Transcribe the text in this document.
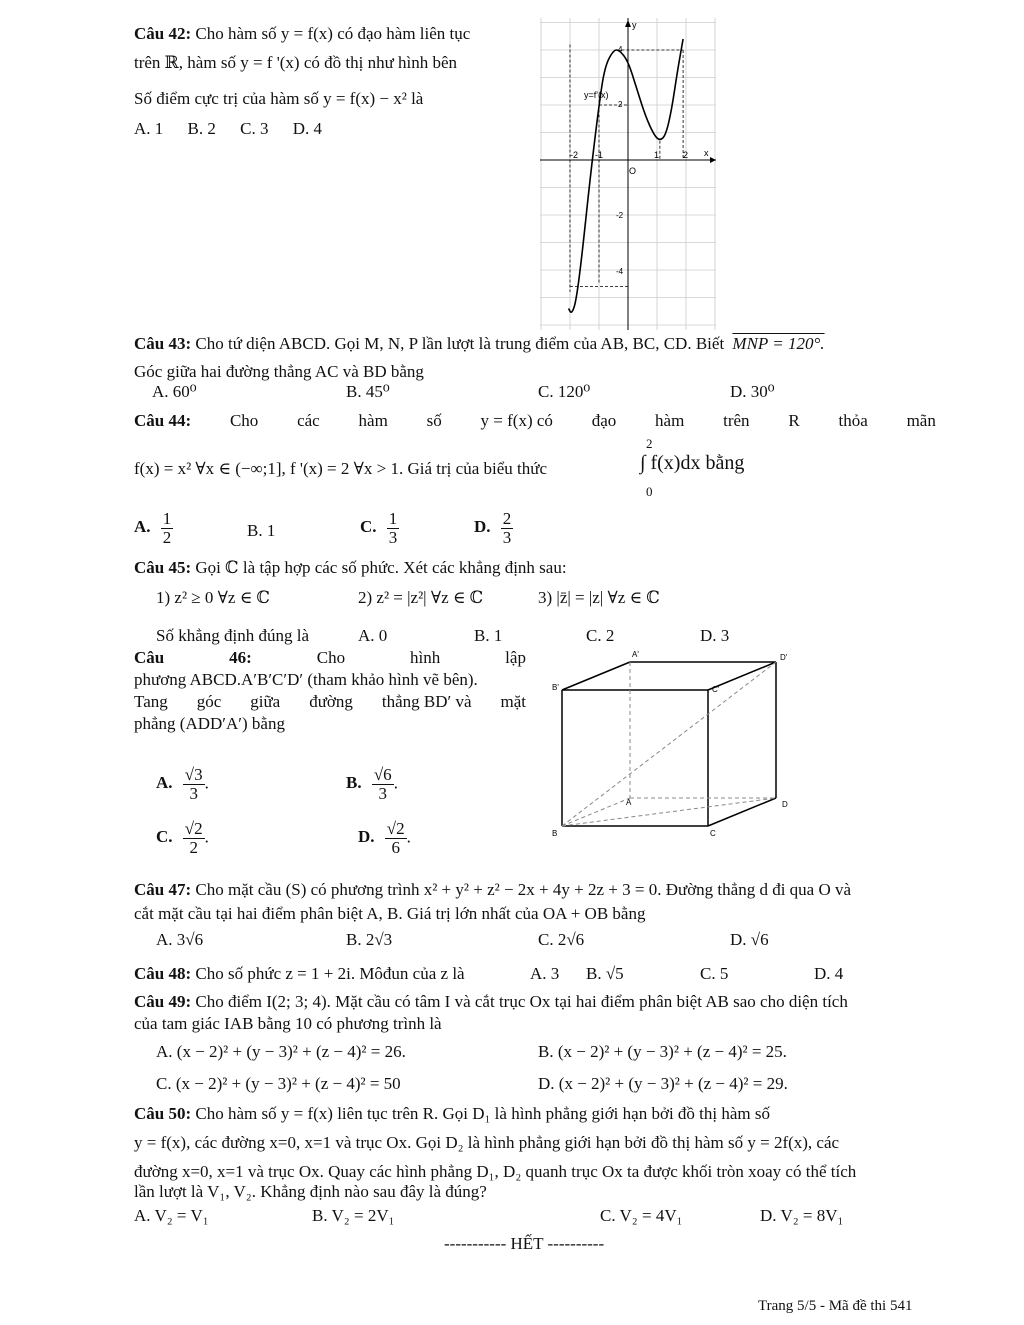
Câu 42: Cho hàm số y = f(x) có đạo hàm liên tục
trên ℝ, hàm số y = f '(x) có đồ thị như hình bên
Số điểm cực trị của hàm số y = f(x) − x² là
A. 1 B. 2 C. 3 D. 4
y
x
O
y=f'(x)
-2 -1	1	2
4
2
-2
-4
Câu 43: Cho tứ diện ABCD. Gọi M, N, P lần lượt là trung điểm của AB, BC, CD. Biết MNP = 120°.
Góc giữa hai đường thẳng AC và BD bằng
A. 60⁰	B. 45⁰	C. 120⁰	D. 30⁰
Câu 44: Cho các hàm số y = f(x) có đạo hàm trên R thỏa mãn
f(x) = x² ∀x ∈ (−∞;1], f '(x) = 2 ∀x > 1. Giá trị của biểu thức
2
∫ f(x)dx bằng
0
A. $\frac{1}{2}$	B. 1	C. $\frac{1}{3}$	D. $\frac{2}{3}$
Câu 45: Gọi ℂ là tập hợp các số phức. Xét các khẳng định sau:
1) z² ≥ 0 ∀z ∈ ℂ	2) z² = |z²| ∀z ∈ ℂ	3) |z̄| = |z| ∀z ∈ ℂ
Số khẳng định đúng là	A. 0	B. 1	C. 2	D. 3
Câu	46:	Cho	hình	lập
phương ABCD.A′B′C′D′ (tham khảo hình vẽ bên).
Tang góc giữa đường thẳng BD′ và mặt
phẳng (ADD′A′) bằng
A. $\frac{√3}{3}$ .	B. $\frac{√6}{3}$ .
C. $\frac{√2}{2}$ .	D. $\frac{√2}{6}$ .
A'	D'
B'	C'
A	D
B	C
Câu 47: Cho mặt cầu (S) có phương trình x² + y² + z² − 2x + 4y + 2z + 3 = 0. Đường thẳng d đi qua O và
cắt mặt cầu tại hai điểm phân biệt A, B. Giá trị lớn nhất của OA + OB bằng
A. 3√6	B. 2√3	C. 2√6	D. √6
Câu 48: Cho số phức z = 1 + 2i. Môđun của z là	A. 3 B. √5	C. 5	D. 4
Câu 49: Cho điểm I(2; 3; 4). Mặt cầu có tâm I và cắt trục Ox tại hai điểm phân biệt AB sao cho diện tích
của tam giác IAB bằng 10 có phương trình là
A. (x − 2)² + (y − 3)² + (z − 4)² = 26.	B. (x − 2)² + (y − 3)² + (z − 4)² = 25.
C. (x − 2)² + (y − 3)² + (z − 4)² = 50	D. (x − 2)² + (y − 3)² + (z − 4)² = 29.
Câu 50: Cho hàm số y = f(x) liên tục trên R. Gọi D₁ là hình phẳng giới hạn bởi đồ thị hàm số
y = f(x), các đường x=0, x=1 và trục Ox. Gọi D₂ là hình phẳng giới hạn bởi đồ thị hàm số y = 2f(x), các
đường x=0, x=1 và trục Ox. Quay các hình phẳng D₁, D₂ quanh trục Ox ta được khối tròn xoay có thể tích
lần lượt là V₁, V₂. Khẳng định nào sau đây là đúng?
A. V₂ = V₁	B. V₂ = 2V₁	C. V₂ = 4V₁	D. V₂ = 8V₁
----------- HẾT ----------
Trang 5/5 - Mã đề thi 541
